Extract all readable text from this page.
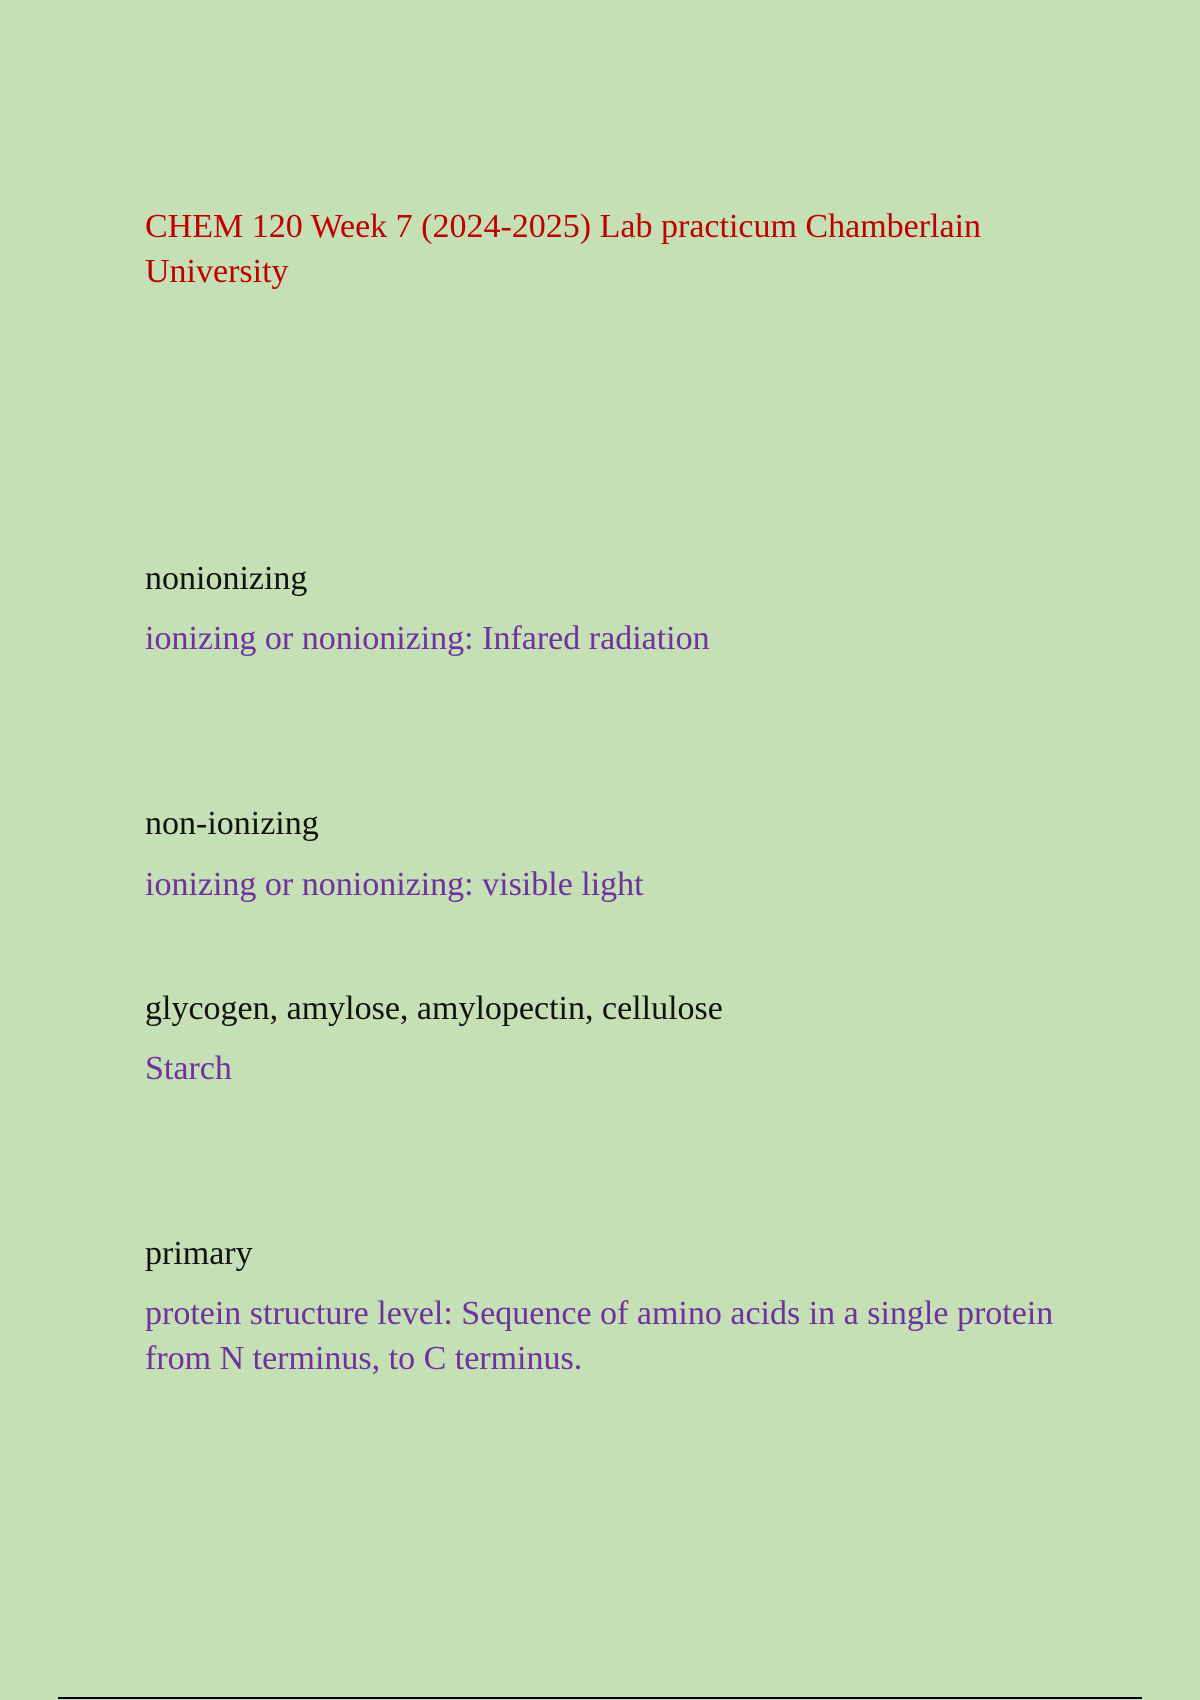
CHEM 120 Week 7 (2024-2025) Lab practicum Chamberlain University

nonionizing

ionizing or nonionizing: Infared radiation

non-ionizing

ionizing or nonionizing: visible light

glycogen, amylose, amylopectin, cellulose

Starch

primary

protein structure level: Sequence of amino acids in a single protein from N terminus, to C terminus.
